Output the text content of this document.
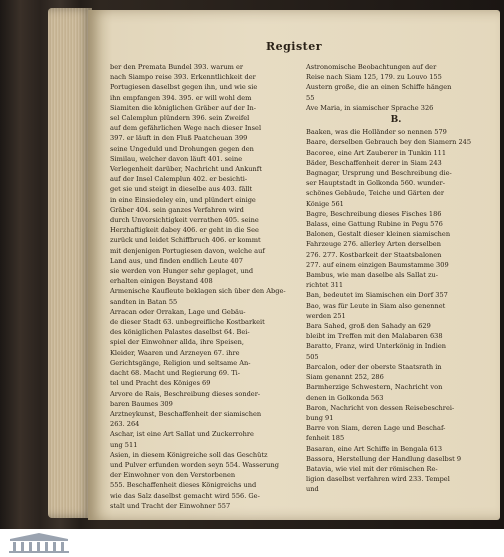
Register
ber den Premata Bundel 393. warum er
nach Siampo reise 393. Erkenntlichkeit der
Portugiesen daselbst gegen ihn, und wie sie
ihn empfangen 394. 395. er will wohl dem
Siamiten die königlichen Gräber auf der In-
sel Calemplun plündern 396. sein Zweifel
auf dem gefährlichen Wege nach dieser Insel
397. er läuft in den Fluß Paatcheuan 399
seine Ungeduld und Drohungen gegen den
Similau, welcher davon läuft 401. seine
Verlegenheit darüber, Nachricht und Ankunft
auf der Insel Calemplun 402. er besichti-
get sie und steigt in dieselbe aus 403. fällt
in eine Einsiedeley ein, und plündert einige
Gräber 404. sein ganzes Verfahren wird
durch Unvorsichtigkeit verrathen 405. seine
Herzhaftigkeit dabey 406. er geht in die See
zurück und leidet Schiffbruch 406. er kommt
mit denjenigen Portugiesen davon, welche auf
Land aus, und finden endlich Leute 407
sie werden von Hunger sehr geplaget, und
erhalten einigen Beystand 408
Armenische Kaufleute beklagen sich über den Abge-
sandten in Batan 55
Arracan oder Orrakan, Lage und Gebäu-
de dieser Stadt 63. unbegreifliche Kostbarkeit
des königlichen Palastes daselbst 64. Bei-
spiel der Einwohner allda, ihre Speisen,
Kleider, Waaren und Arzneyen 67. ihre
Gerichtsgänge, Religion und seltsame An-
dacht 68. Macht und Regierung 69. Ti-
tel und Pracht des Königes 69
Arvore de Rais, Beschreibung dieses sonder-
baren Baumes 309
Arztneykunst, Beschaffenheit der siamischen
263. 264
Aschar, ist eine Art Sallat und Zuckerrohre
ung 511
Asien, in diesem Königreiche soll das Geschütz
und Pulver erfunden worden seyn 554. Wasserung
der Einwohner von den Verstorbenen
555. Beschaffenheit dieses Königreichs und
wie das Salz daselbst gemacht wird 556. Ge-
stalt und Tracht der Einwohner 557
Astronomische Beobachtungen auf der
Reise nach Siam 125, 179. zu Louvo 155
Austern große, die an einen Schiffe hängen
55
Ave Maria, in siamischer Sprache 326
B.
Baaken, was die Holländer so nennen 579
Baare, derselben Gebrauch bey den Siamern 245
Bacoree, eine Art Zauberer in Tunkin 111
Bäder, Beschaffenheit derer in Siam 243
Bagnagar, Ursprung und Beschreibung die-
ser Hauptstadt in Golkonda 560. wunder-
schönes Gebäude, Teiche und Gärten der
Könige 561
Bagre, Beschreibung dieses Fisches 186
Balass, eine Gattung Rubine in Pegu 576
Balonen, Gestalt dieser kleinen siamischen
Fahrzeuge 276. allerley Arten derselben
276. 277. Kostbarkeit der Staatsbalonen
277. auf einem einzigen Baumstamme 309
Bambus, wie man daselbe als Sallat zu-
richtet 311
Ban, bedeutet im Siamischen ein Dorf 357
Bao, was für Leute in Siam also genennet
werden 251
Bara Sahed, groß den Sahady an 629
bleibt im Treffen mit den Malabaren 638
Baratto, Franz, wird Unterkönig in Indien
505
Barcalon, oder der oberste Staatsrath in
Siam genannt 252, 286
Barmherzige Schwestern, Nachricht von
denen in Golkonda 563
Baron, Nachricht von dessen Reisebeschrei-
bung 91
Barre von Siam, deren Lage und Beschaf-
fenheit 185
Basaran, eine Art Schiffe in Bengala 613
Bassora, Herstellung der Handlung daselbst 9
Batavia, wie viel mit der römischen Re-
ligion daselbst verfahren wird 233. Tempel
und
